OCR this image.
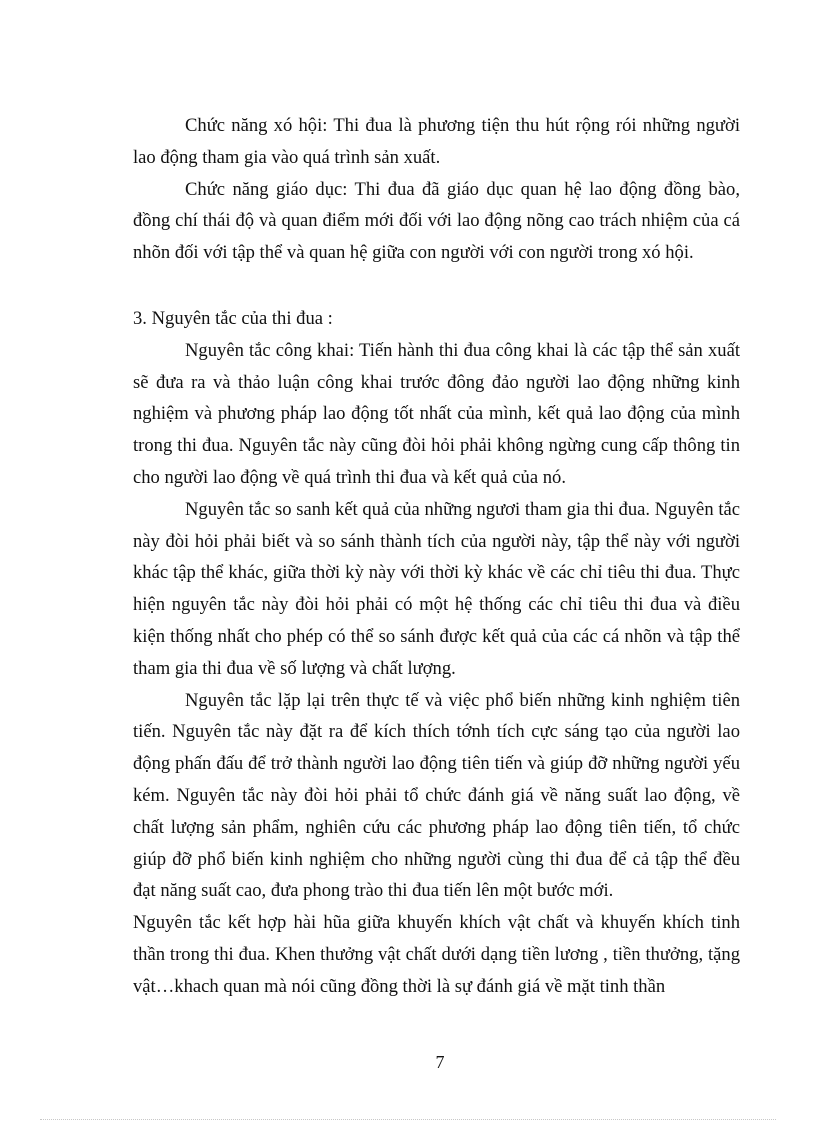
Chức năng xó hội: Thi đua là phương tiện thu hút rộng rói những người lao động tham gia vào quá trình sản xuất.

Chức năng giáo dục: Thi đua đã giáo dục quan hệ lao động đồng bào, đồng chí thái độ và quan điểm mới đối với lao động nõng cao trách nhiệm của cá nhõn đối với tập thể và quan hệ giữa con người với con người trong xó hội.

3. Nguyên tắc của thi đua :

Nguyên tắc công khai: Tiến hành thi đua công khai là các tập thể sản xuất sẽ đưa ra và thảo luận công khai trước đông đảo người lao động những kinh nghiệm và phương pháp lao động tốt nhất của mình, kết quả lao động của mình trong thi đua. Nguyên tắc này cũng đòi hỏi phải không ngừng cung cấp thông tin cho người lao động về quá trình thi đua và kết quả của nó.

Nguyên tắc so sanh kết quả của những ngươi tham gia thi đua. Nguyên tắc này đòi hỏi phải biết và so sánh thành tích của người này, tập thể này với người khác tập thể khác, giữa thời kỳ này với thời kỳ khác về các chỉ tiêu thi đua. Thực hiện nguyên tắc này đòi hỏi phải có một hệ thống các chỉ tiêu thi đua và điều kiện thống nhất cho phép có thể so sánh được kết quả của các cá nhõn và tập thể tham gia thi đua về số lượng và chất lượng.

Nguyên tắc lặp lại trên thực tế và việc phổ biến những kinh nghiệm tiên tiến. Nguyên tắc này đặt ra để kích thích tớnh tích cực sáng tạo của người lao động phấn đấu để trở thành người lao động tiên tiến và giúp đỡ những người yếu kém. Nguyên tắc này đòi hỏi phải tổ chức đánh giá về năng suất lao động, về chất lượng sản phẩm, nghiên cứu các phương pháp lao động tiên tiến, tổ chức giúp đỡ phổ biến kinh nghiệm cho những người cùng thi đua để cả tập thể đều đạt năng suất cao, đưa phong trào thi đua tiến lên một bước mới.

Nguyên tắc kết hợp hài hũa giữa khuyến khích vật chất và khuyến khích tinh thần trong thi đua. Khen thưởng vật chất dưới dạng tiền lương , tiền thưởng, tặng vật…khach quan mà nói cũng đồng thời là sự đánh giá về mặt tinh thần

7
